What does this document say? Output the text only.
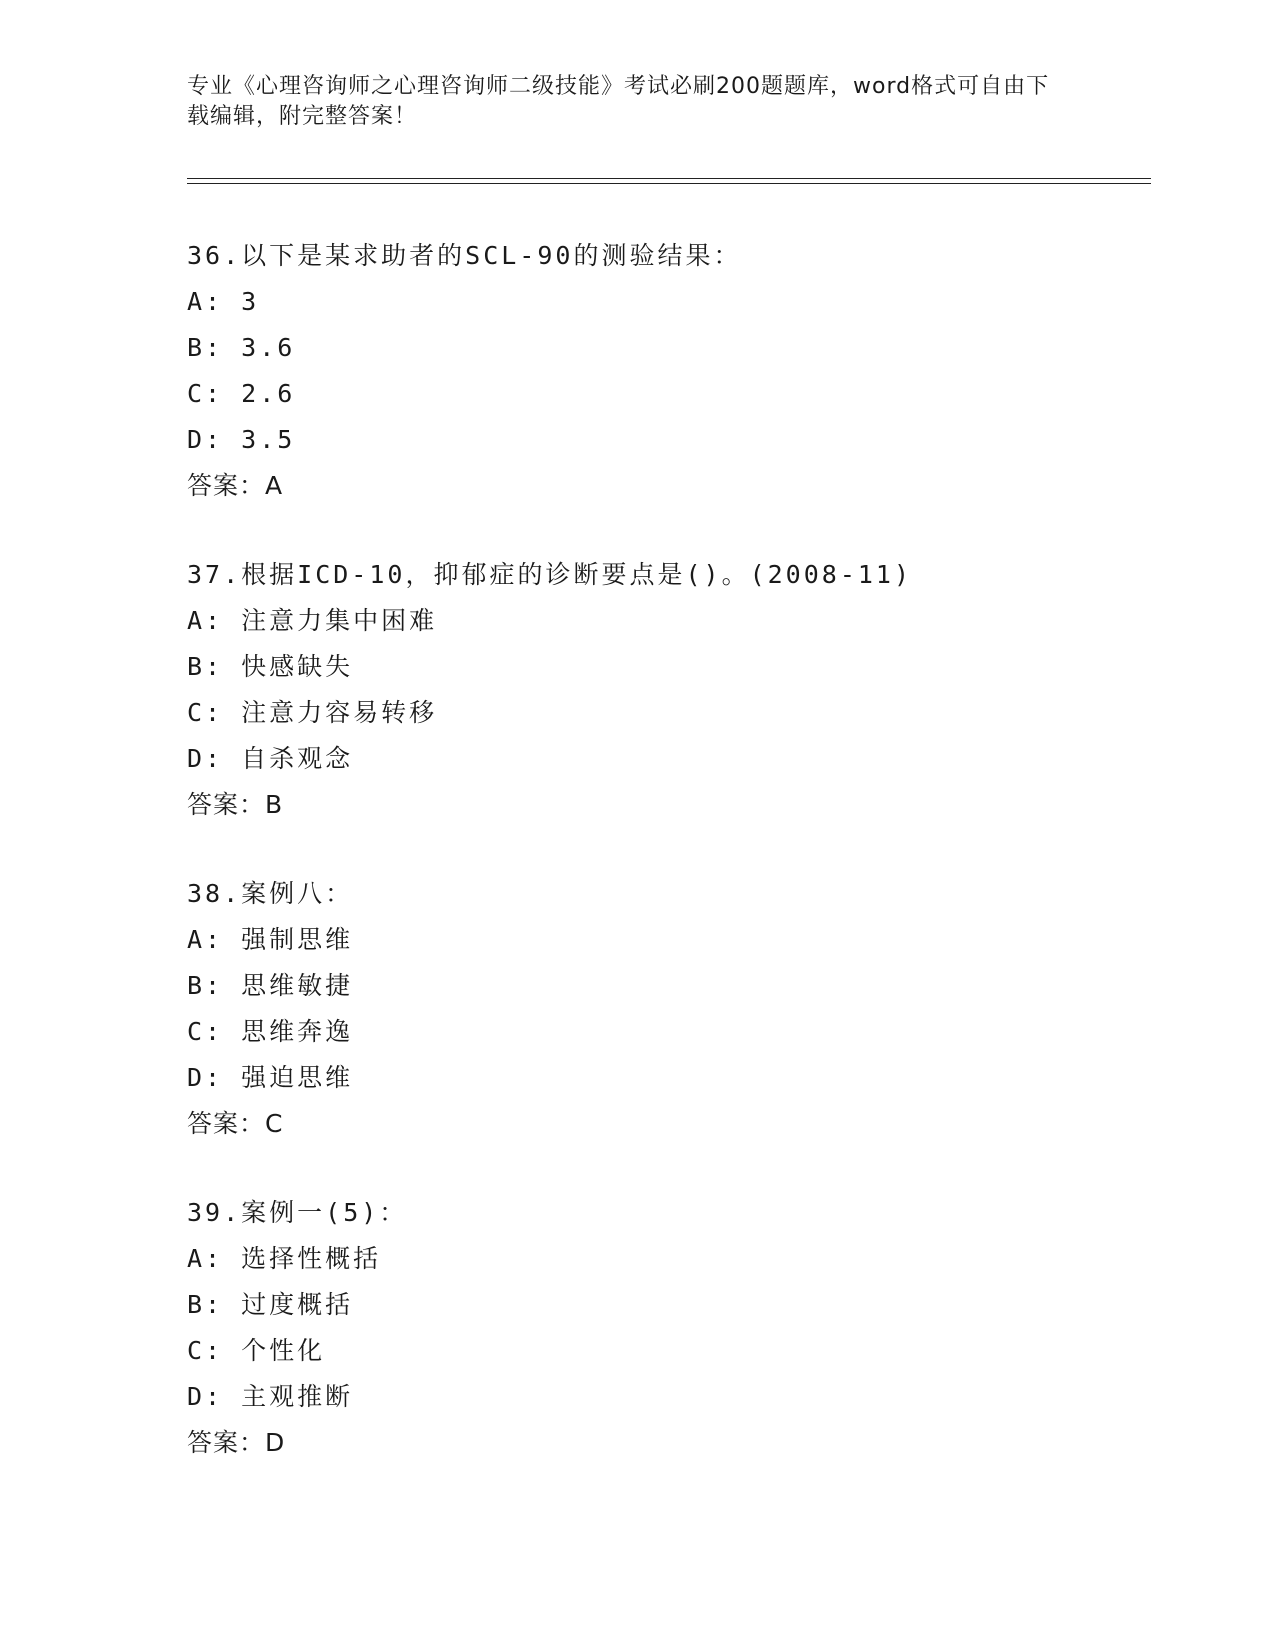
专业《心理咨询师之心理咨询师二级技能》考试必刷200题题库，word格式可自由下载编辑，附完整答案！
36.以下是某求助者的SCL-90的测验结果：
A: 3
B: 3.6
C: 2.6
D: 3.5
答案：A
37.根据ICD-10，抑郁症的诊断要点是()。(2008-11)
A: 注意力集中困难
B: 快感缺失
C: 注意力容易转移
D: 自杀观念
答案：B
38.案例八：
A: 强制思维
B: 思维敏捷
C: 思维奔逸
D: 强迫思维
答案：C
39.案例一(5)：
A: 选择性概括
B: 过度概括
C: 个性化
D: 主观推断
答案：D
